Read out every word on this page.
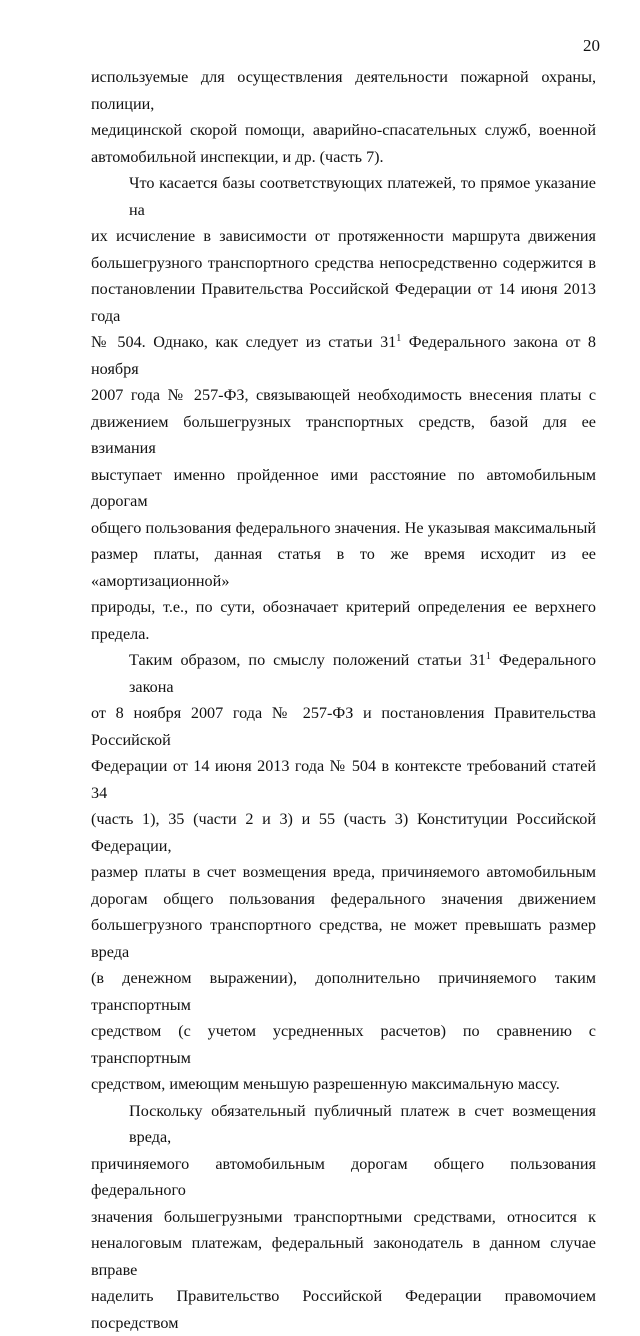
20

используемые для осуществления деятельности пожарной охраны, полиции,
медицинской скорой помощи, аварийно-спасательных служб, военной
автомобильной инспекции, и др. (часть 7).

Что касается базы соответствующих платежей, то прямое указание на
их исчисление в зависимости от протяженности маршрута движения
большегрузного транспортного средства непосредственно содержится в
постановлении Правительства Российской Федерации от 14 июня 2013 года
№ 504. Однако, как следует из статьи $31^1$ Федерального закона от 8 ноября
2007 года № 257-ФЗ, связывающей необходимость внесения платы с
движением большегрузных транспортных средств, базой для ее взимания
выступает именно пройденное ими расстояние по автомобильным дорогам
общего пользования федерального значения. Не указывая максимальный
размер платы, данная статья в то же время исходит из ее «амортизационной»
природы, т.е., по сути, обозначает критерий определения ее верхнего
предела.

Таким образом, по смыслу положений статьи $31^1$ Федерального закона
от 8 ноября 2007 года № 257-ФЗ и постановления Правительства Российской
Федерации от 14 июня 2013 года № 504 в контексте требований статей 34
(часть 1), 35 (части 2 и 3) и 55 (часть 3) Конституции Российской Федерации,
размер платы в счет возмещения вреда, причиняемого автомобильным
дорогам общего пользования федерального значения движением
большегрузного транспортного средства, не может превышать размер вреда
(в денежном выражении), дополнительно причиняемого таким транспортным
средством (с учетом усредненных расчетов) по сравнению с транспортным
средством, имеющим меньшую разрешенную максимальную массу.

Поскольку обязательный публичный платеж в счет возмещения вреда,
причиняемого автомобильным дорогам общего пользования федерального
значения большегрузными транспортными средствами, относится к
неналоговым платежам, федеральный законодатель в данном случае вправе
наделить Правительство Российской Федерации правомочием посредством
